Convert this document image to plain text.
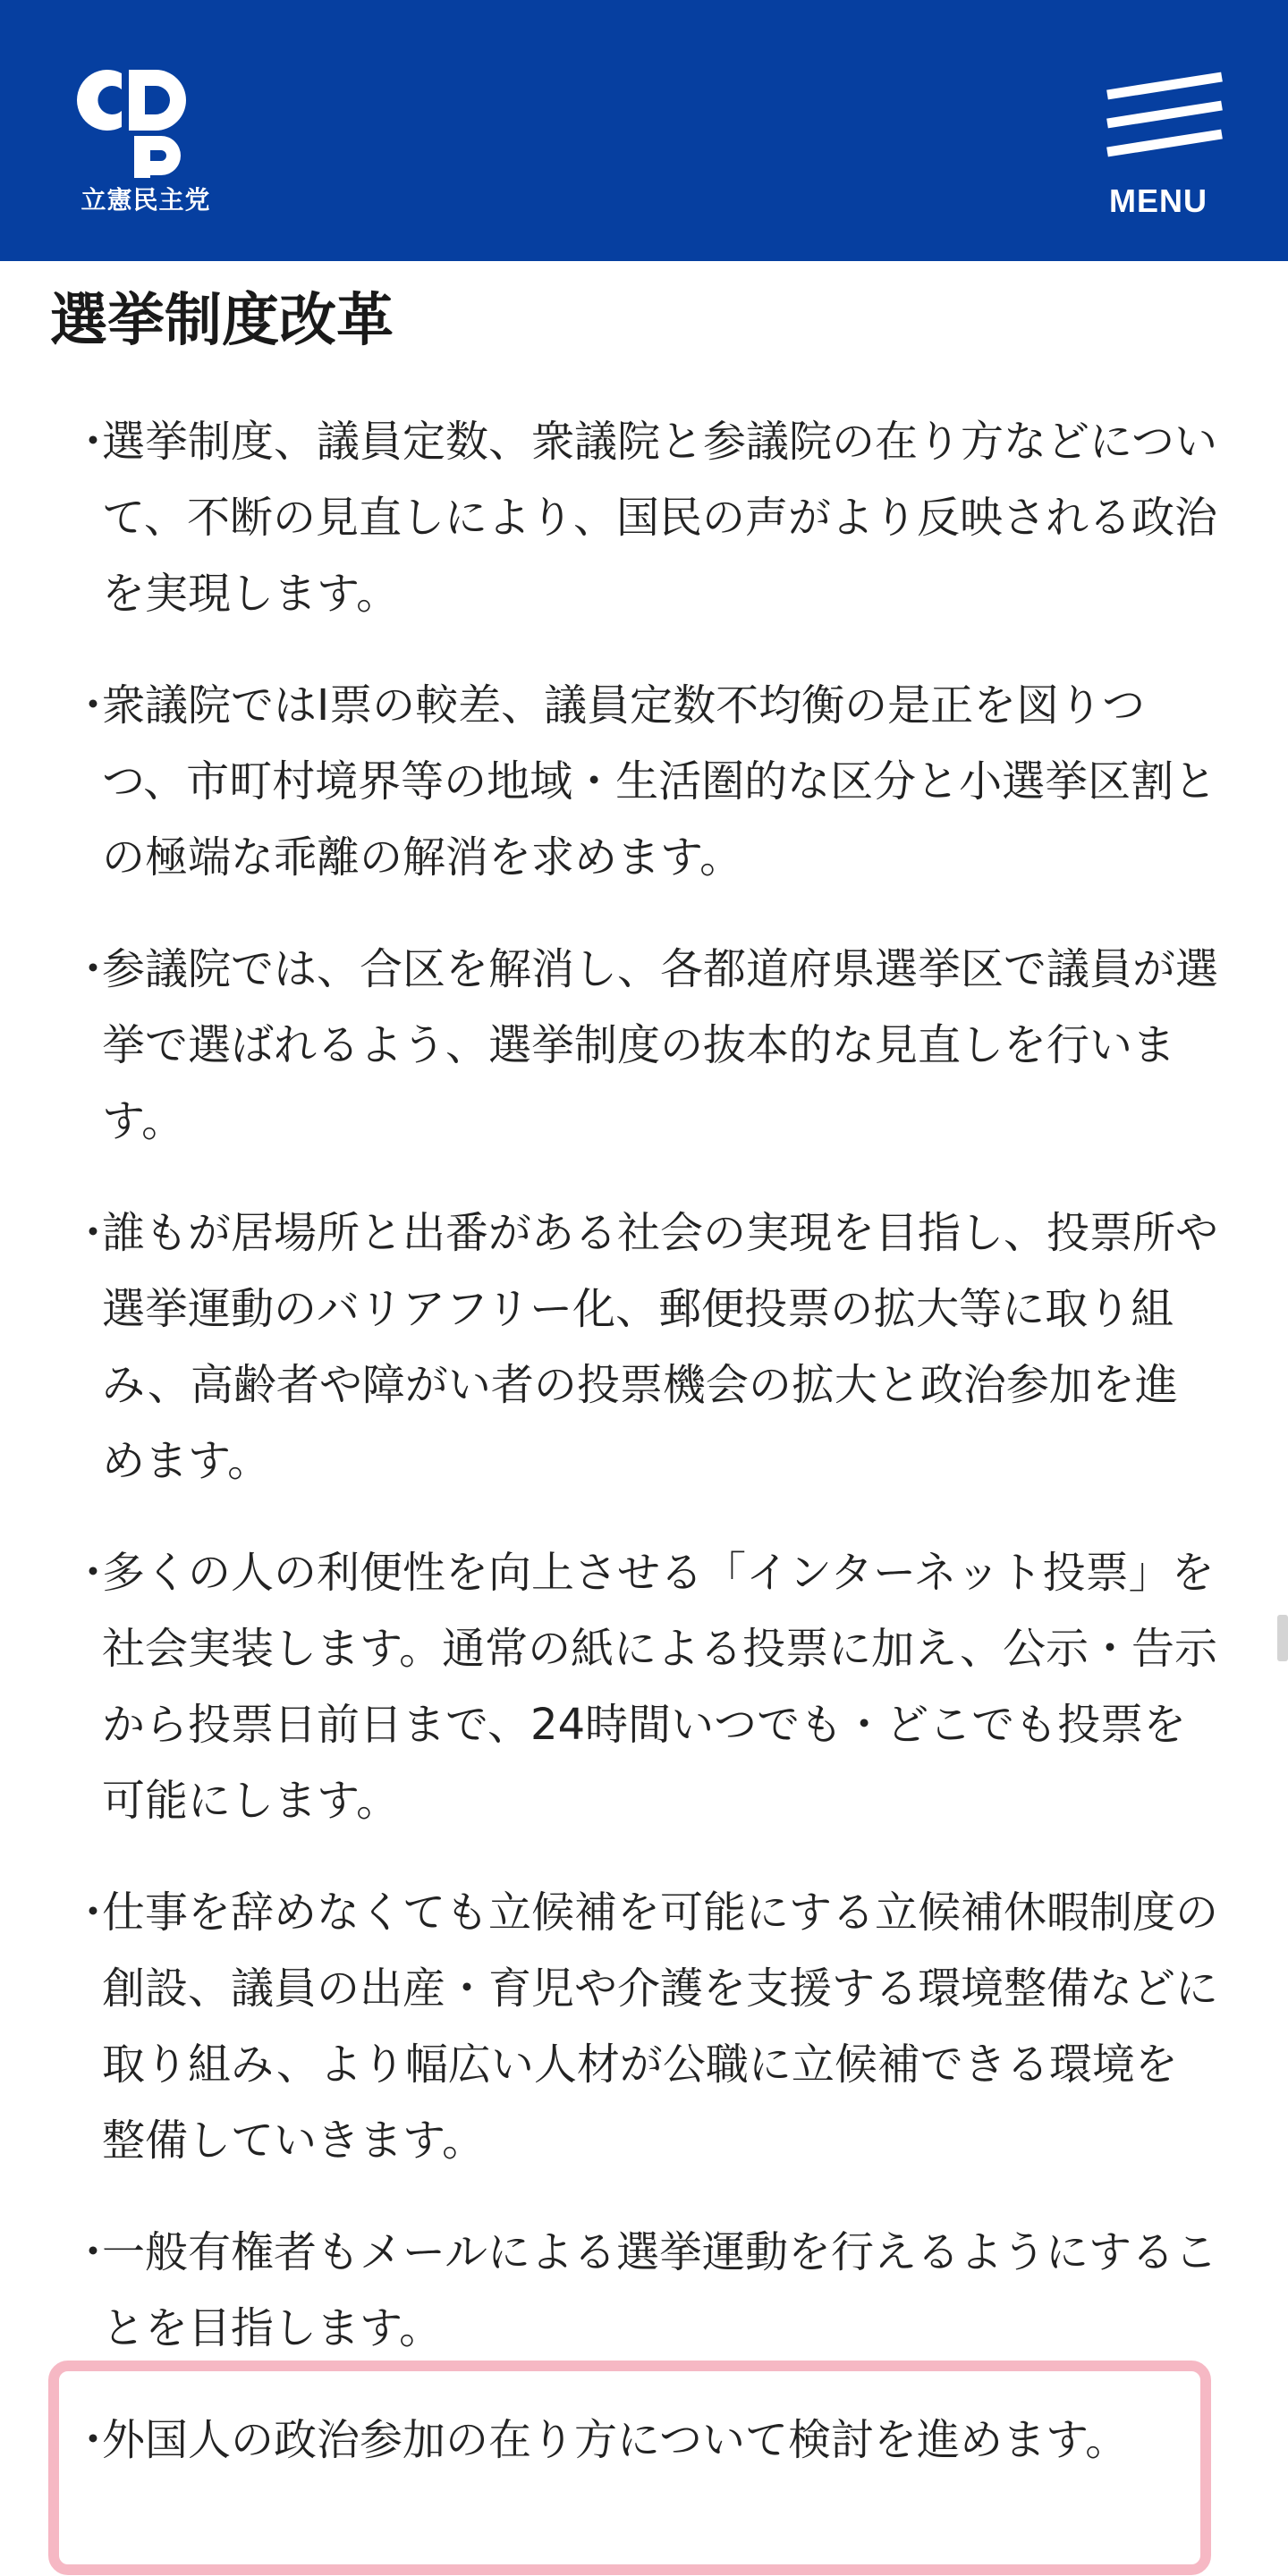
立憲民主党	MENU
選挙制度改革
・
選挙制度、議員定数、衆議院と参議院の在り方などについて、不断の見直しにより、国民の声がより反映される政治を実現します。
・
衆議院ではI票の較差、議員定数不均衡の是正を図りつつ、市町村境界等の地域・生活圏的な区分と小選挙区割との極端な乖離の解消を求めます。
・
参議院では、合区を解消し、各都道府県選挙区で議員が選挙で選ばれるよう、選挙制度の抜本的な見直しを行います。
・
誰もが居場所と出番がある社会の実現を目指し、投票所や選挙運動のバリアフリー化、郵便投票の拡大等に取り組み、高齢者や障がい者の投票機会の拡大と政治参加を進めます。
・
多くの人の利便性を向上させる「インターネット投票」を社会実装します。通常の紙による投票に加え、公示・告示から投票日前日まで、24時間いつでも・どこでも投票を可能にします。
・
仕事を辞めなくても立候補を可能にする立候補休暇制度の創設、議員の出産・育児や介護を支援する環境整備などに取り組み、より幅広い人材が公職に立候補できる環境を整備していきます。
・
一般有権者もメールによる選挙運動を行えるようにすることを目指します。
・
外国人の政治参加の在り方について検討を進めます。
